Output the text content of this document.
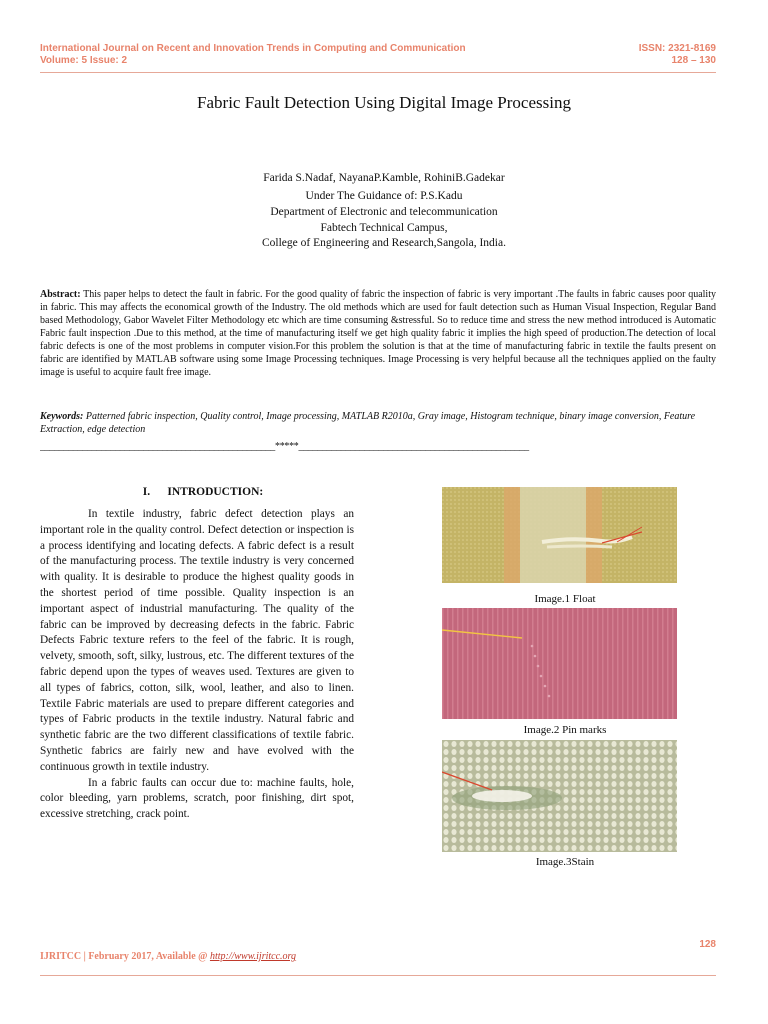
International Journal on Recent and Innovation Trends in Computing and Communication	ISSN: 2321-8169
Volume: 5 Issue: 2	128 – 130
Fabric Fault Detection Using Digital Image Processing
Farida S.Nadaf, NayanaP.Kamble, RohiniB.Gadekar
Under The Guidance of: P.S.Kadu
Department of Electronic and telecommunication
Fabtech Technical Campus,
College of Engineering and Research,Sangola, India.
Abstract: This paper helps to detect the fault in fabric. For the good quality of fabric the inspection of fabric is very important .The faults in fabric causes poor quality in fabric. This may affects the economical growth of the Industry. The old methods which are used for fault detection such as Human Visual Inspection, Regular Band based Methodology, Gabor Wavelet Filter Methodology etc which are time consuming &stressful. So to reduce time and stress the new method introduced is Automatic Fabric fault inspection .Due to this method, at the time of manufacturing itself we get high quality fabric it implies the high speed of production.The detection of local fabric defects is one of the most problems in computer vision.For this problem the solution is that at the time of manufacturing fabric in textile the faults present on fabric are identified by MATLAB software using some Image Processing techniques. Image Processing is very helpful because all the techniques applied on the faulty image is useful to acquire fault free image.
Keywords: Patterned fabric inspection, Quality control, Image processing, MATLAB R2010a, Gray image, Histogram technique, binary image conversion, Feature Extraction, edge detection
__________________________________________________*****_________________________________________________
I. INTRODUCTION:

In textile industry, fabric defect detection plays an important role in the quality control. Defect detection or inspection is a process identifying and locating defects. A fabric defect is a result of the manufacturing process. The textile industry is very concerned with quality. It is desirable to produce the highest quality goods in the shortest period of time possible. Quality inspection is an important aspect of industrial manufacturing. The quality of the fabric can be improved by decreasing defects in the fabric. Fabric Defects Fabric texture refers to the feel of the fabric. It is rough, velvety, smooth, soft, silky, lustrous, etc. The different textures of the fabric depend upon the types of weaves used. Textures are given to all types of fabrics, cotton, silk, wool, leather, and also to linen. Textile Fabric materials are used to prepare different categories and types of Fabric products in the textile industry. Natural fabric and synthetic fabric are the two different classifications of textile fabric. Synthetic fabrics are fairly new and have evolved with the continuous growth in textile industry.

In a fabric faults can occur due to: machine faults, hole, color bleeding, yarn problems, scratch, poor finishing, dirt spot, excessive stretching, crack point.

Image.1 Float
Image.2 Pin marks
Image.3Stain
128
IJRITCC | February 2017, Available @ http://www.ijritcc.org
